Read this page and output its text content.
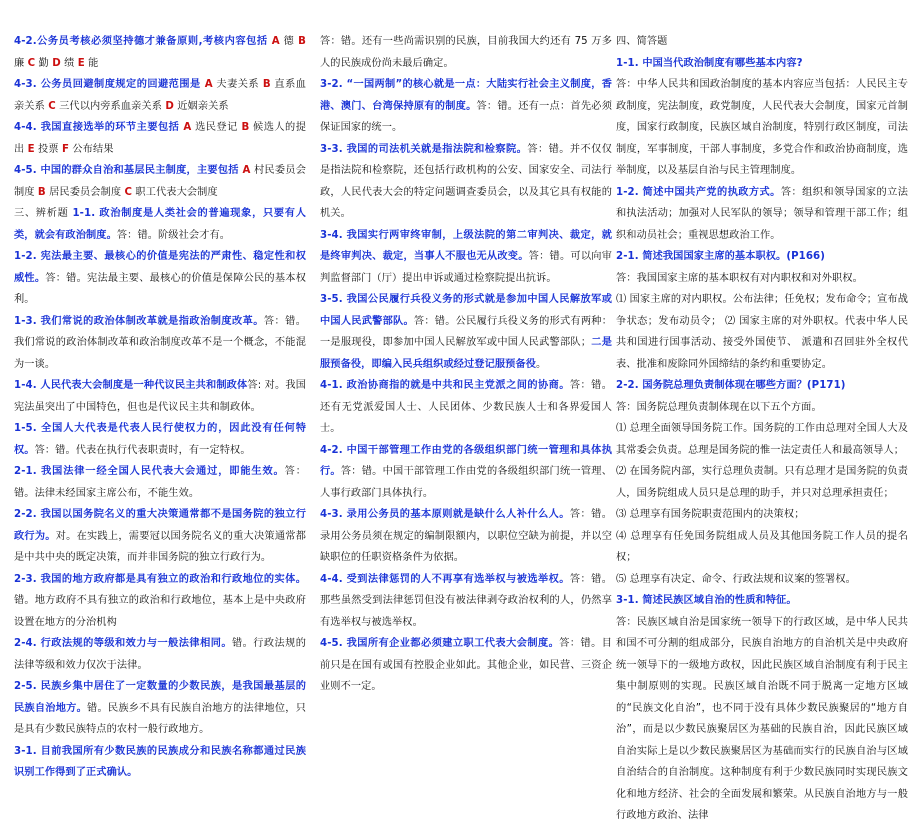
4-2.公务员考核必须坚持德才兼备原则,考核内容包括 A 德 B 廉 C 勤 D 绩 E 能

4-3. 公务员回避制度规定的回避范围是 A 夫妻关系 B 直系血亲关系 C 三代以内旁系血亲关系 D 近姻亲关系

4-4. 我国直接选举的环节主要包括 A 选民登记 B 候选人的提出 E 投票 F 公布结果

4-5. 中国的群众自治和基层民主制度，主要包括 A 村民委员会制度 B 居民委员会制度 C 职工代表大会制度

三、辨析题 1-1. 政治制度是人类社会的普遍现象，只要有人类，就会有政治制度。答：错。阶级社会才有。

1-2. 宪法最主要、最核心的价值是宪法的严肃性、稳定性和权威性。答：错。宪法最主要、最核心的价值是保障公民的基本权利。

1-3. 我们常说的政治体制改革就是指政治制度改革。答：错。我们常说的政治体制改革和政治制度改革不是一个概念，不能混为一谈。

1-4. 人民代表大会制度是一种代议民主共和制政体答: 对。我国宪法虽突出了中国特色，但也是代议民主共和制政体。

1-5. 全国人大代表是代表人民行使权力的，因此没有任何特权。答：错。代表在执行代表职责时，有一定特权。

2-1. 我国法律一经全国人民代表大会通过，即能生效。答：错。法律未经国家主席公布，不能生效。

2-2. 我国以国务院名义的重大决策通常都不是国务院的独立行政行为。对。在实践上，需要冠以国务院名义的重大决策通常都是中共中央的既定决策，而并非国务院的独立行政行为。

2-3. 我国的地方政府都是具有独立的政治和行政地位的实体。错。地方政府不具有独立的政治和行政地位，基本上是中央政府设置在地方的分治机构

2-4. 行政法规的等级和效力与一般法律相同。错。行政法规的法律等级和效力仅次于法律。

2-5. 民族乡集中居住了一定数量的少数民族，是我国最基层的民族自治地方。错。民族乡不具有民族自治地方的法律地位，只是具有少数民族特点的农村一般行政地方。

3-1. 目前我国所有少数民族的民族成分和民族名称都通过民族识别工作得到了正式确认。

答：错。还有一些尚需识别的民族，目前我国大约还有 75 万多人的民族成份尚未最后确定。

3-2. “一国两制”的核心就是一点：大陆实行社会主义制度，香港、澳门、台湾保持原有的制度。答：错。还有一点：首先必须保证国家的统一。

3-3. 我国的司法机关就是指法院和检察院。答：错。并不仅仅是指法院和检察院，还包括行政机构的公安、国家安全、司法行政，人民代表大会的特定问题调查委员会，以及其它具有权能的机关。

3-4. 我国实行两审终审制，上级法院的第二审判决、裁定，就是终审判决、裁定，当事人不服也无从改变。答：错。可以向审判监督部门（厅）提出申诉或通过检察院提出抗诉。

3-5. 我国公民履行兵役义务的形式就是参加中国人民解放军或中国人民武警部队。答：错。公民履行兵役义务的形式有两种：一是服现役，即参加中国人民解放军或中国人民武警部队；二是服预备役，即编入民兵组织或经过登记服预备役。

4-1. 政治协商指的就是中共和民主党派之间的协商。答：错。还有无党派爱国人士、人民团体、少数民族人士和各界爱国人士。

4-2. 中国干部管理工作由党的各级组织部门统一管理和具体执行。答：错。中国干部管理工作由党的各级组织部门统一管理、人事行政部门具体执行。

4-3. 录用公务员的基本原则就是缺什么人补什么人。答：错。录用公务员须在规定的编制限额内，以职位空缺为前提，并以空缺职位的任职资格条件为依据。

4-4. 受到法律惩罚的人不再享有选举权与被选举权。答：错。那些虽然受到法律惩罚但没有被法律剥夺政治权利的人，仍然享有选举权与被选举权。

4-5. 我国所有企业都必须建立职工代表大会制度。答：错。目前只是在国有或国有控股企业如此。其他企业，如民营、三资企业则不一定。

四、简答题

1-1. 中国当代政治制度有哪些基本内容?

答：中华人民共和国政治制度的基本内容应当包括：人民民主专政制度，宪法制度，政党制度，人民代表大会制度，国家元首制度，国家行政制度，民族区域自治制度，特别行政区制度，司法制度，军事制度，干部人事制度，多党合作和政治协商制度，选举制度，以及基层自治与民主管理制度。

1-2. 简述中国共产党的执政方式。答：组织和领导国家的立法和执法活动；加强对人民军队的领导；领导和管理干部工作；组织和动员社会；重视思想政治工作。

2-1. 简述我国国家主席的基本职权。(P166)

答：我国国家主席的基本职权有对内职权和对外职权。

⑴ 国家主席的对内职权。公布法律；任免权；发布命令；宣布战争状态；发布动员令； ⑵ 国家主席的对外职权。代表中华人民共和国进行国事活动、接受外国使节、 派遣和召回驻外全权代表、批准和废除同外国缔结的条约和重要协定。

2-2. 国务院总理负责制体现在哪些方面？(P171)

答：国务院总理负责制体现在以下五个方面。

⑴ 总理全面领导国务院工作。国务院的工作由总理对全国人大及其常委会负责。总理是国务院的惟一法定责任人和最高领导人；

⑵ 在国务院内部，实行总理负责制。只有总理才是国务院的负责人，国务院组成人员只是总理的助手，并只对总理承担责任；

⑶ 总理享有国务院职责范围内的决策权；

⑷ 总理享有任免国务院组成人员及其他国务院工作人员的提名权；

⑸ 总理享有决定、命令、行政法规和议案的签署权。

3-1. 简述民族区域自治的性质和特征。

答：民族区域自治是国家统一领导下的行政区域，是中华人民共和国不可分割的组成部分，民族自治地方的自治机关是中央政府统一领导下的一级地方政权，因此民族区域自治制度有利于民主集中制原则的实现。民族区域自治既不同于脱离一定地方区域的“民族文化自治”，也不同于没有具体少数民族聚居的“地方自治”，而是以少数民族聚居区为基础的民族自治，因此民族区域自治实际上是以少数民族聚居区为基础而实行的民族自治与区域自治结合的自治制度。这种制度有利于少数民族同时实现民族文化和地方经济、社会的全面发展和繁荣。从民族自治地方与一般行政地方政治、法律
